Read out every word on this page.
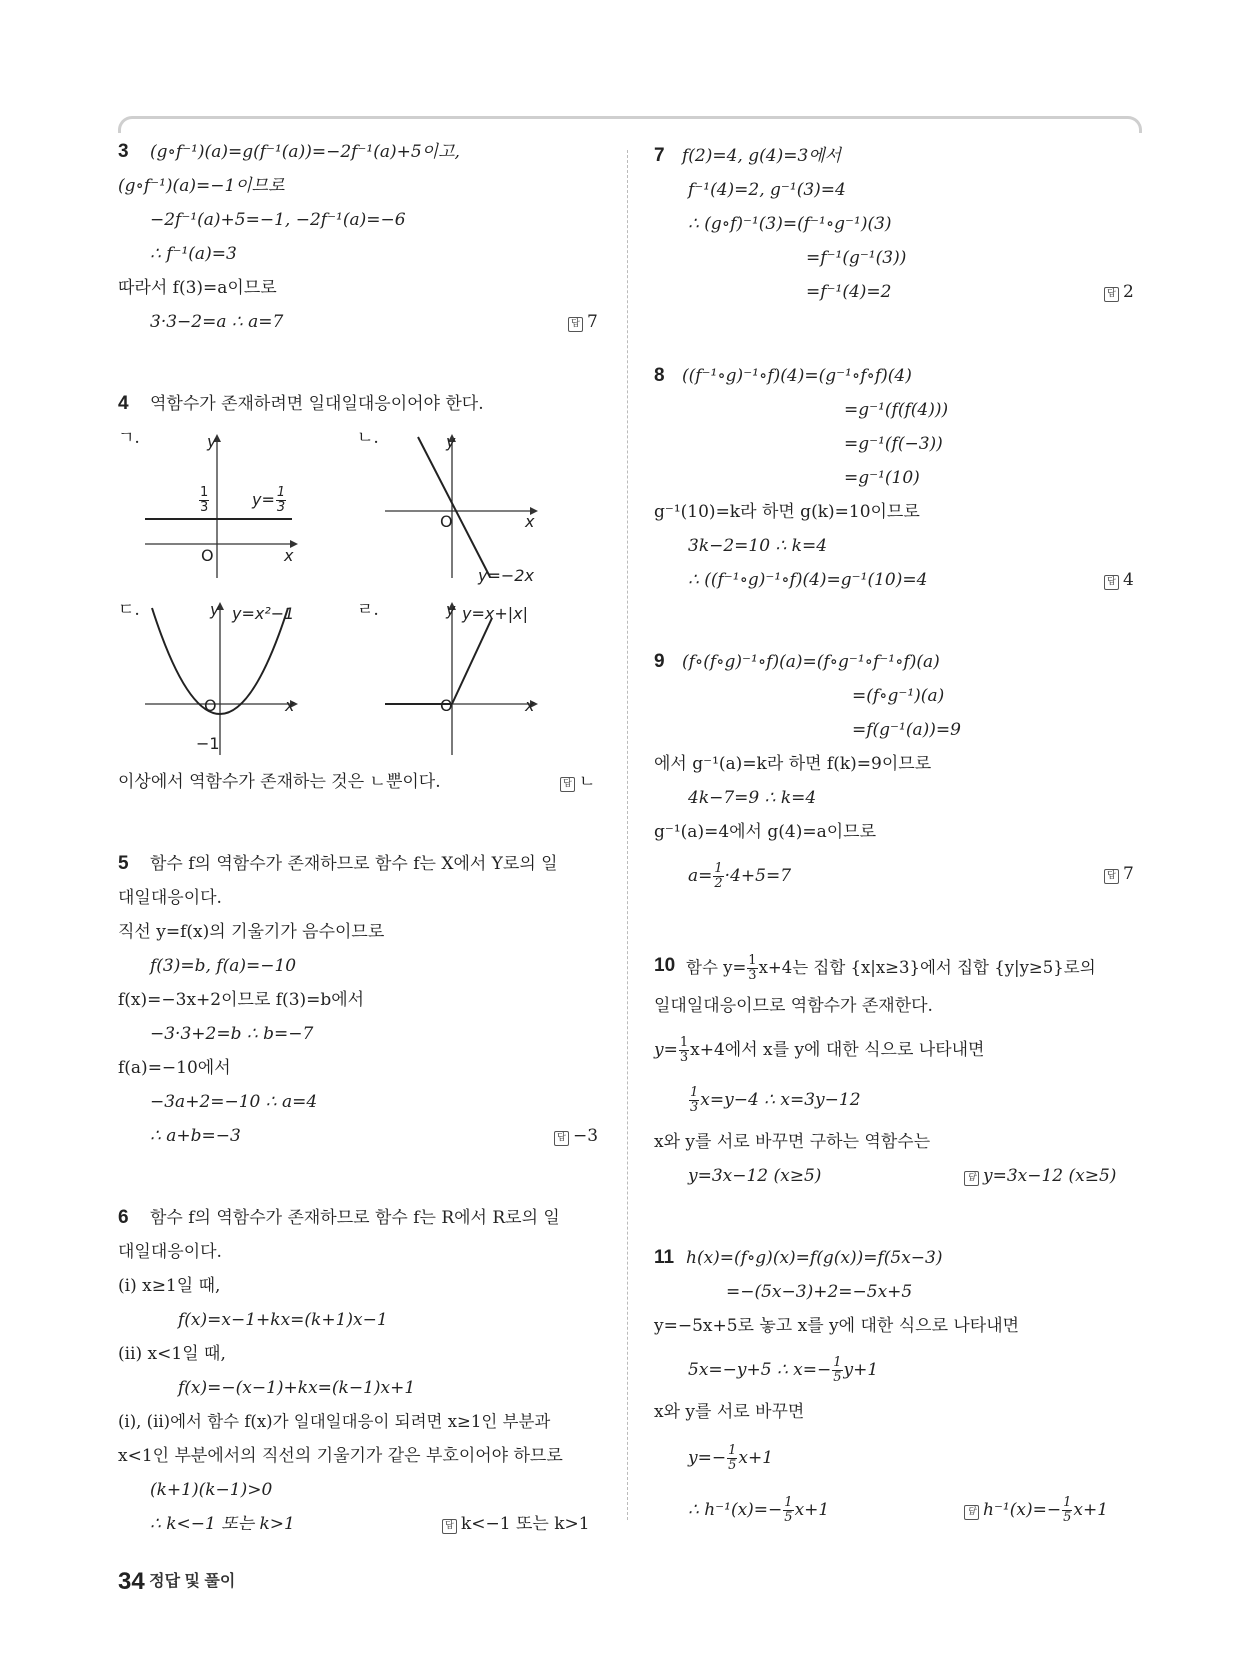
3 (g∘f⁻¹)(a)=g(f⁻¹(a))=−2f⁻¹(a)+5이고,
(g∘f⁻¹)(a)=−1이므로
−2f⁻¹(a)+5=−1, −2f⁻¹(a)=−6
∴ f⁻¹(a)=3
따라서 f(3)=a이므로
3·3−2=a ∴ a=7	답 7
4 역함수가 존재하려면 일대일대응이어야 한다.
ㄱ.	ㄴ.
ㄷ.	ㄹ.
y
x
O
$\frac{1}{3}$	$y= \frac{1}{3}$
y
x
O
y=−2x
y
x
O
−1
y=x²−1	y
x
O
y=x+|x|
이상에서 역함수가 존재하는 것은 ㄴ뿐이다.	답 ㄴ
5 함수 f의 역함수가 존재하므로 함수 f는 X에서 Y로의 일
대일대응이다.
직선 y=f(x)의 기울기가 음수이므로
f(3)=b, f(a)=−10
f(x)=−3x+2이므로 f(3)=b에서
−3·3+2=b ∴ b=−7
f(a)=−10에서
−3a+2=−10 ∴ a=4
∴ a+b=−3	답 −3
6 함수 f의 역함수가 존재하므로 함수 f는 R에서 R로의 일
대일대응이다.
(ⅰ) x≥1일 때,
f(x)=x−1+kx=(k+1)x−1
(ⅱ) x<1일 때,
f(x)=−(x−1)+kx=(k−1)x+1
(ⅰ), (ⅱ)에서 함수 f(x)가 일대일대응이 되려면 x≥1인 부분과
x<1인 부분에서의 직선의 기울기가 같은 부호이어야 하므로
(k+1)(k−1)>0
∴ k<−1 또는 k>1	답 k<−1 또는 k>1
7 f(2)=4, g(4)=3에서
f⁻¹(4)=2, g⁻¹(3)=4
∴ (g∘f)⁻¹(3)=(f⁻¹∘g⁻¹)(3)
=f⁻¹(g⁻¹(3))
=f⁻¹(4)=2	답 2
8 ((f⁻¹∘g)⁻¹∘f)(4)=(g⁻¹∘f∘f)(4)
=g⁻¹(f(f(4)))
=g⁻¹(f(−3))
=g⁻¹(10)
g⁻¹(10)=k라 하면 g(k)=10이므로
3k−2=10 ∴ k=4
∴ ((f⁻¹∘g)⁻¹∘f)(4)=g⁻¹(10)=4	답 4
9 (f∘(f∘g)⁻¹∘f)(a)=(f∘g⁻¹∘f⁻¹∘f)(a)
=(f∘g⁻¹)(a)
=f(g⁻¹(a))=9
에서 g⁻¹(a)=k라 하면 f(k)=9이므로
4k−7=9 ∴ k=4
g⁻¹(a)=4에서 g(4)=a이므로
$a= \frac{1}{2} \cdot 4+5=7$	답 7
10 함수 $y= \frac{1}{3} x+4$는 집합 {x|x≥3}에서 집합 {y|y≥5}로의
일대일대응이므로 역함수가 존재한다.
$y= \frac{1}{3} x+4$에서 x를 y에 대한 식으로 나타내면
$\frac{1}{3} x=y-4$ ∴ x=3y−12
x와 y를 서로 바꾸면 구하는 역함수는
y=3x−12 (x≥5)	답 y=3x−12 (x≥5)
11 h(x)=(f∘g)(x)=f(g(x))=f(5x−3)
=−(5x−3)+2=−5x+5
y=−5x+5로 놓고 x를 y에 대한 식으로 나타내면
5x=−y+5 ∴ $x=- \frac{1}{5} y+1$
x와 y를 서로 바꾸면
$y=- \frac{1}{5} x+1$
∴ $h^{-1}(x)=- \frac{1}{5} x+1$	답 $h^{-1}(x)=- \frac{1}{5} x+1$
34 정답 및 풀이
